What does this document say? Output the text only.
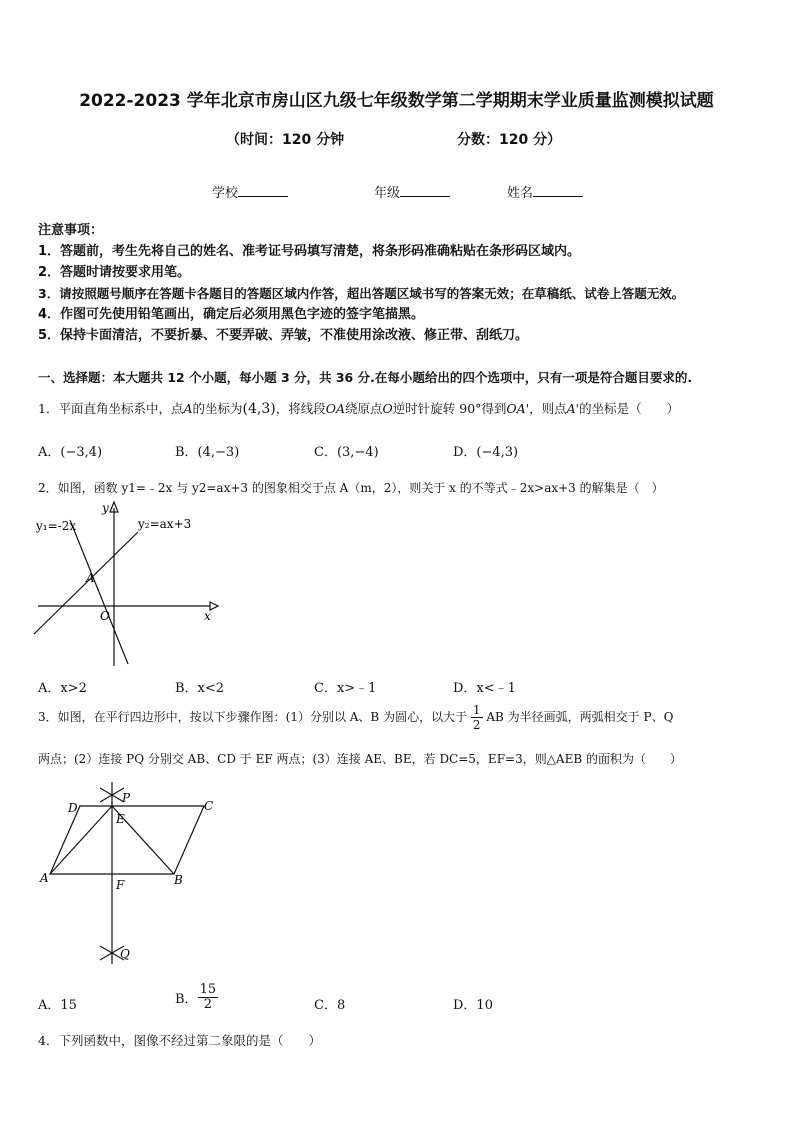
2022-2023 学年北京市房山区九级七年级数学第二学期期末学业质量监测模拟试题
（时间：120 分钟	分数：120 分）
学校	年级	姓名
注意事项：
1．答题前，考生先将自己的姓名、准考证号码填写清楚，将条形码准确粘贴在条形码区域内。
2．答题时请按要求用笔。
3．请按照题号顺序在答题卡各题目的答题区域内作答，超出答题区域书写的答案无效；在草稿纸、试卷上答题无效。
4．作图可先使用铅笔画出，确定后必须用黑色字迹的签字笔描黑。
5．保持卡面清洁，不要折暴、不要弄破、弄皱，不准使用涂改液、修正带、刮纸刀。
一、选择题：本大题共 12 个小题，每小题 3 分，共 36 分.在每小题给出的四个选项中，只有一项是符合题目要求的.
1．平面直角坐标系中，点A的坐标为(4,3)，将线段OA绕原点O逆时针旋转 90°得到OA'，则点A'的坐标是（　　）
A．(−3,4)	B．(4,−3)	C．(3,−4)	D．(−4,3)
2．如图，函数 y1=﹣2x 与 y2=ax+3 的图象相交于点 A（m，2），则关于 x 的不等式﹣2x>ax+3 的解集是（　）
y₁=-2x	y₂=ax+3
y
x
O
A
A．x>2	B．x<2	C．x>﹣1	D．x<﹣1
3．如图，在平行四边形中，按以下步骤作图：(1）分别以 A、B 为圆心，以大于 $\frac{1}{2}$ AB 为半径画弧，两弧相交于 P、Q
两点；(2）连接 PQ 分别交 AB、CD 于 EF 两点；(3）连接 AE、BE，若 DC=5，EF=3，则△AEB 的面积为（　　）
D
P
C
E
A	F	B
Q
A．15	B． $\frac{15}{2}$	C．8	D．10
4．下列函数中，图像不经过第二象限的是（　　）
